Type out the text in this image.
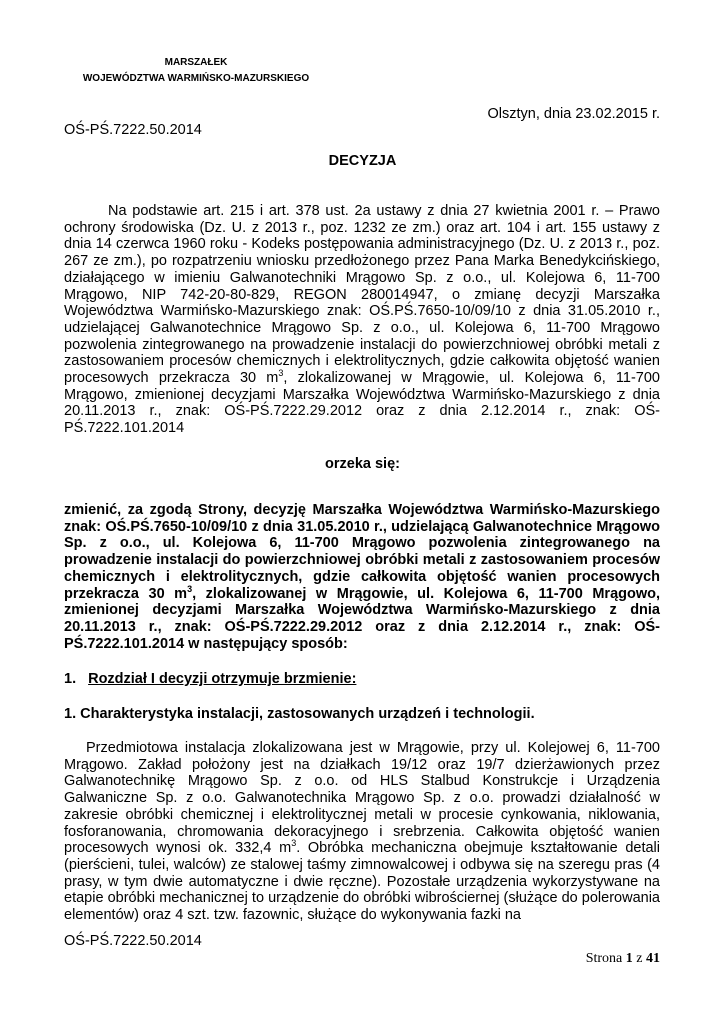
MARSZAŁEK
WOJEWÓDZTWA WARMIŃSKO-MAZURSKIEGO
Olsztyn, dnia 23.02.2015 r.
OŚ-PŚ.7222.50.2014
DECYZJA
Na podstawie art. 215 i art. 378 ust. 2a ustawy z dnia 27 kwietnia 2001 r. – Prawo ochrony środowiska (Dz. U. z 2013 r., poz. 1232 ze zm.) oraz art. 104 i art. 155 ustawy z dnia 14 czerwca 1960 roku - Kodeks postępowania administracyjnego (Dz. U. z 2013 r., poz. 267 ze zm.), po rozpatrzeniu wniosku przedłożonego przez Pana Marka Benedykcińskiego, działającego w imieniu Galwanotechniki Mrągowo Sp. z o.o., ul. Kolejowa 6, 11-700 Mrągowo, NIP 742-20-80-829, REGON 280014947, o zmianę decyzji Marszałka Województwa Warmińsko-Mazurskiego znak: OŚ.PŚ.7650-10/09/10 z dnia 31.05.2010 r., udzielającej Galwanotechnice Mrągowo Sp. z o.o., ul. Kolejowa 6, 11-700 Mrągowo pozwolenia zintegrowanego na prowadzenie instalacji do powierzchniowej obróbki metali z zastosowaniem procesów chemicznych i elektrolitycznych, gdzie całkowita objętość wanien procesowych przekracza 30 $m^3$, zlokalizowanej w Mrągowie, ul. Kolejowa 6, 11-700 Mrągowo, zmienionej decyzjami Marszałka Województwa Warmińsko-Mazurskiego z dnia 20.11.2013 r., znak: OŚ-PŚ.7222.29.2012 oraz z dnia 2.12.2014 r., znak: OŚ-PŚ.7222.101.2014
orzeka się:
zmienić, za zgodą Strony, decyzję Marszałka Województwa Warmińsko-Mazurskiego znak: OŚ.PŚ.7650-10/09/10 z dnia 31.05.2010 r., udzielającą Galwanotechnice Mrągowo Sp. z o.o., ul. Kolejowa 6, 11-700 Mrągowo pozwolenia zintegrowanego na prowadzenie instalacji do powierzchniowej obróbki metali z zastosowaniem procesów chemicznych i elektrolitycznych, gdzie całkowita objętość wanien procesowych przekracza 30 $m^3$, zlokalizowanej w Mrągowie, ul. Kolejowa 6, 11-700 Mrągowo, zmienionej decyzjami Marszałka Województwa Warmińsko-Mazurskiego z dnia 20.11.2013 r., znak: OŚ-PŚ.7222.29.2012 oraz z dnia 2.12.2014 r., znak: OŚ-PŚ.7222.101.2014 w następujący sposób:
1. Rozdział I decyzji otrzymuje brzmienie:
1. Charakterystyka instalacji, zastosowanych urządzeń i technologii.
Przedmiotowa instalacja zlokalizowana jest w Mrągowie, przy ul. Kolejowej 6, 11-700 Mrągowo. Zakład położony jest na działkach 19/12 oraz 19/7 dzierżawionych przez Galwanotechnikę Mrągowo Sp. z o.o. od HLS Stalbud Konstrukcje i Urządzenia Galwaniczne Sp. z o.o. Galwanotechnika Mrągowo Sp. z o.o. prowadzi działalność w zakresie obróbki chemicznej i elektrolitycznej metali w procesie cynkowania, niklowania, fosforanowania, chromowania dekoracyjnego i srebrzenia. Całkowita objętość wanien procesowych wynosi ok. 332,4 $m^3$. Obróbka mechaniczna obejmuje kształtowanie detali (pierścieni, tulei, walców) ze stalowej taśmy zimnowalcowej i odbywa się na szeregu pras (4 prasy, w tym dwie automatyczne i dwie ręczne). Pozostałe urządzenia wykorzystywane na etapie obróbki mechanicznej to urządzenie do obróbki wibrościernej (służące do polerowania elementów) oraz 4 szt. tzw. fazownic, służące do wykonywania fazki na
OŚ-PŚ.7222.50.2014
Strona 1 z 41
